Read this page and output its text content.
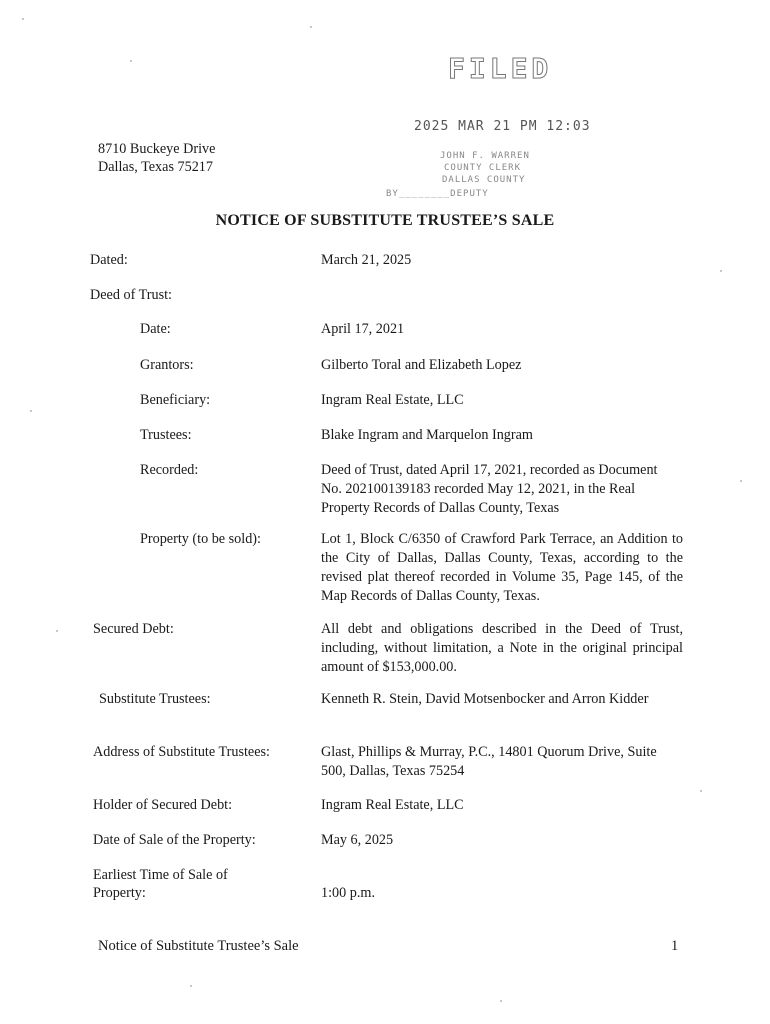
8710 Buckeye Drive
Dallas, Texas 75217
FILED
2025 MAR 21 PM 12:03
JOHN F. WARREN
COUNTY CLERK
DALLAS COUNTY
BY________DEPUTY
NOTICE OF SUBSTITUTE TRUSTEE’S SALE
Dated:	March 21, 2025
Deed of Trust:
Date:	April 17, 2021
Grantors:	Gilberto Toral and Elizabeth Lopez
Beneficiary:	Ingram Real Estate, LLC
Trustees:	Blake Ingram and Marquelon Ingram
Recorded:	Deed of Trust, dated April 17, 2021, recorded as Document No. 202100139183 recorded May 12, 2021, in the Real Property Records of Dallas County, Texas
Property (to be sold):	Lot 1, Block C/6350 of Crawford Park Terrace, an Addition to the City of Dallas, Dallas County, Texas, according to the revised plat thereof recorded in Volume 35, Page 145, of the Map Records of Dallas County, Texas.
Secured Debt:	All debt and obligations described in the Deed of Trust, including, without limitation, a Note in the original principal amount of $153,000.00.
Substitute Trustees:	Kenneth R. Stein, David Motsenbocker and Arron Kidder
Address of Substitute Trustees:	Glast, Phillips & Murray, P.C., 14801 Quorum Drive, Suite 500, Dallas, Texas 75254
Holder of Secured Debt:	Ingram Real Estate, LLC
Date of Sale of the Property:	May 6, 2025
Earliest Time of Sale of
Property:	1:00 p.m.
Notice of Substitute Trustee’s Sale	1
